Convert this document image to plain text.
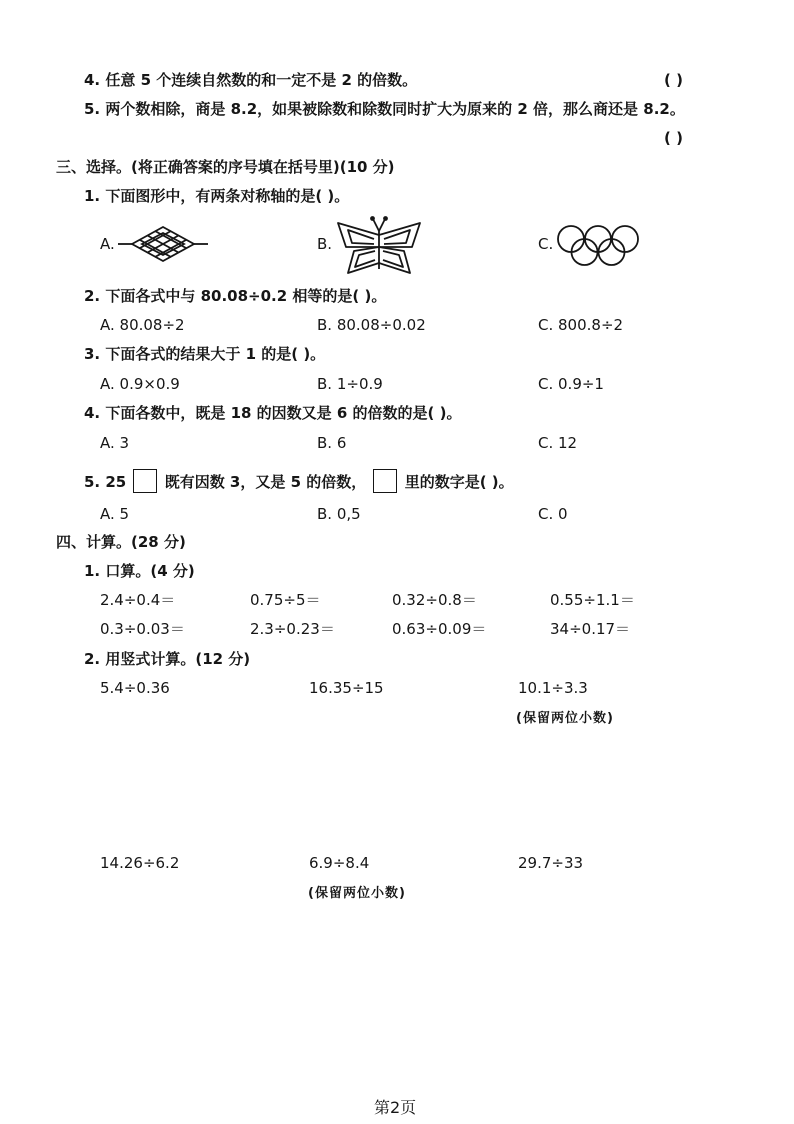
4. 任意 5 个连续自然数的和一定不是 2 的倍数。	( )
5. 两个数相除，商是 8.2，如果被除数和除数同时扩大为原来的 2 倍，那么商还是 8.2。
( )
三、选择。(将正确答案的序号填在括号里)(10 分)
1. 下面图形中，有两条对称轴的是( )。
A.	B.	C.
2. 下面各式中与 80.08÷0.2 相等的是( )。
A. 80.08÷2	B. 80.08÷0.02	C. 800.8÷2
3. 下面各式的结果大于 1 的是( )。
A. 0.9×0.9	B. 1÷0.9	C. 0.9÷1
4. 下面各数中，既是 18 的因数又是 6 的倍数的是( )。
A. 3	B. 6	C. 12
5. 25	既有因数 3，又是 5 的倍数，	里的数字是( )。
A. 5	B. 0,5	C. 0
四、计算。(28 分)
1. 口算。(4 分)
2.4÷0.4＝	0.75÷5＝	0.32÷0.8＝	0.55÷1.1＝
0.3÷0.03＝	2.3÷0.23＝	0.63÷0.09＝	34÷0.17＝
2. 用竖式计算。(12 分)
5.4÷0.36	16.35÷15	10.1÷3.3
(保留两位小数)
14.26÷6.2	6.9÷8.4	29.7÷33
(保留两位小数)
第2页
